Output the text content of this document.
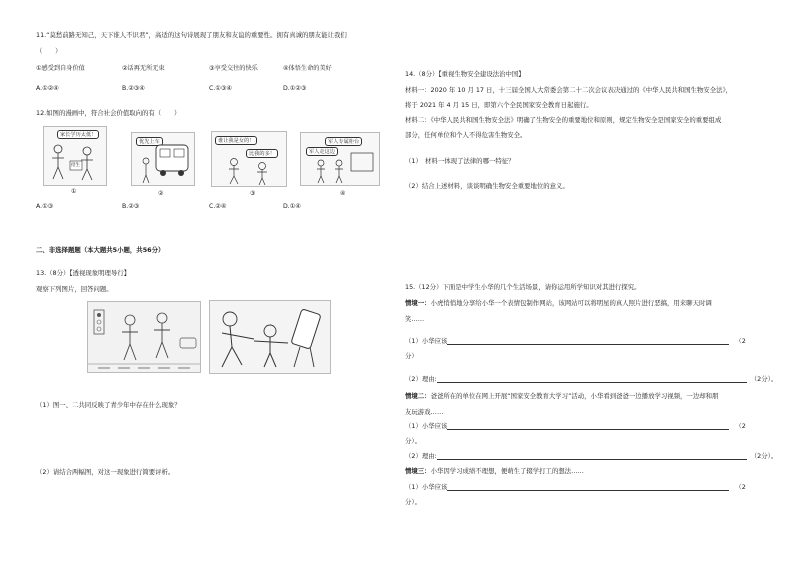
11.“莫愁前路无知己，天下谁人不识君”，高适的这句诗展现了朋友和友谊的重要性。拥有真诚的朋友能让我们
（　　）
①感受到自身价值	②话再无所无束	③享受交往的快乐	④体悟生命的美好
A.①②④	B.②③④	C.①③④	D.①②③
12.如图的漫画中，符合社会价值取向的有（　　）
家长学历太低！
招生
①
优先上车
②
谁让我是女的！
比我的多！
③
军人专属柜台
军人走这边
④
A.①③	B.②③	C.②④	D.①④
二、非选择题题（本大题共5小题，共56分）
13.（8分）【透视现象明理导行】
观察下列图片，回答问题。
（1）图一、二共同反映了青少年中存在什么现象？
（2）请结合两幅图，对这一现象进行简要评析。
14.（8分）【重视生物安全建设法治中国】
材料一：2020 年 10 月 17 日，十三届全国人大常委会第二十二次会议表决通过的《中华人民共和国生物安全法》，
将于 2021 年 4 月 15 日，即第六个全民国家安全教育日起施行。
材料二：《中华人民共和国生物安全法》明确了生物安全的重要地位和原则，规定生物安全是国家安全的重要组成
部分，任何单位和个人不得危害生物安全。
（1）　材料一体现了法律的哪一特征？
（2）结合上述材料，谈谈明确生物安全重要地位的意义。
15.（12分）下面是中学生小华的几个生活场景，请你运用所学知识对其进行探究。
情境一：小虎悄悄地分享给小华一个表情包制作网站，该网站可以将明星的真人照片进行恶搞，用来聊天时调
笑……
（1）小华应该	（2
分）
（2）理由:	（2分）。
情境二：爸爸所在的单位在网上开展“国家安全教育大学习”活动，小华看到爸爸一边播放学习视频，一边却和朋
友玩游戏……
（1）小华应该	（2
分）。
（2）理由:	（2分）。
情境三：小华因学习成绩不理想，便萌生了辍学打工的想法……
（1）小华应该	（2
分）。
